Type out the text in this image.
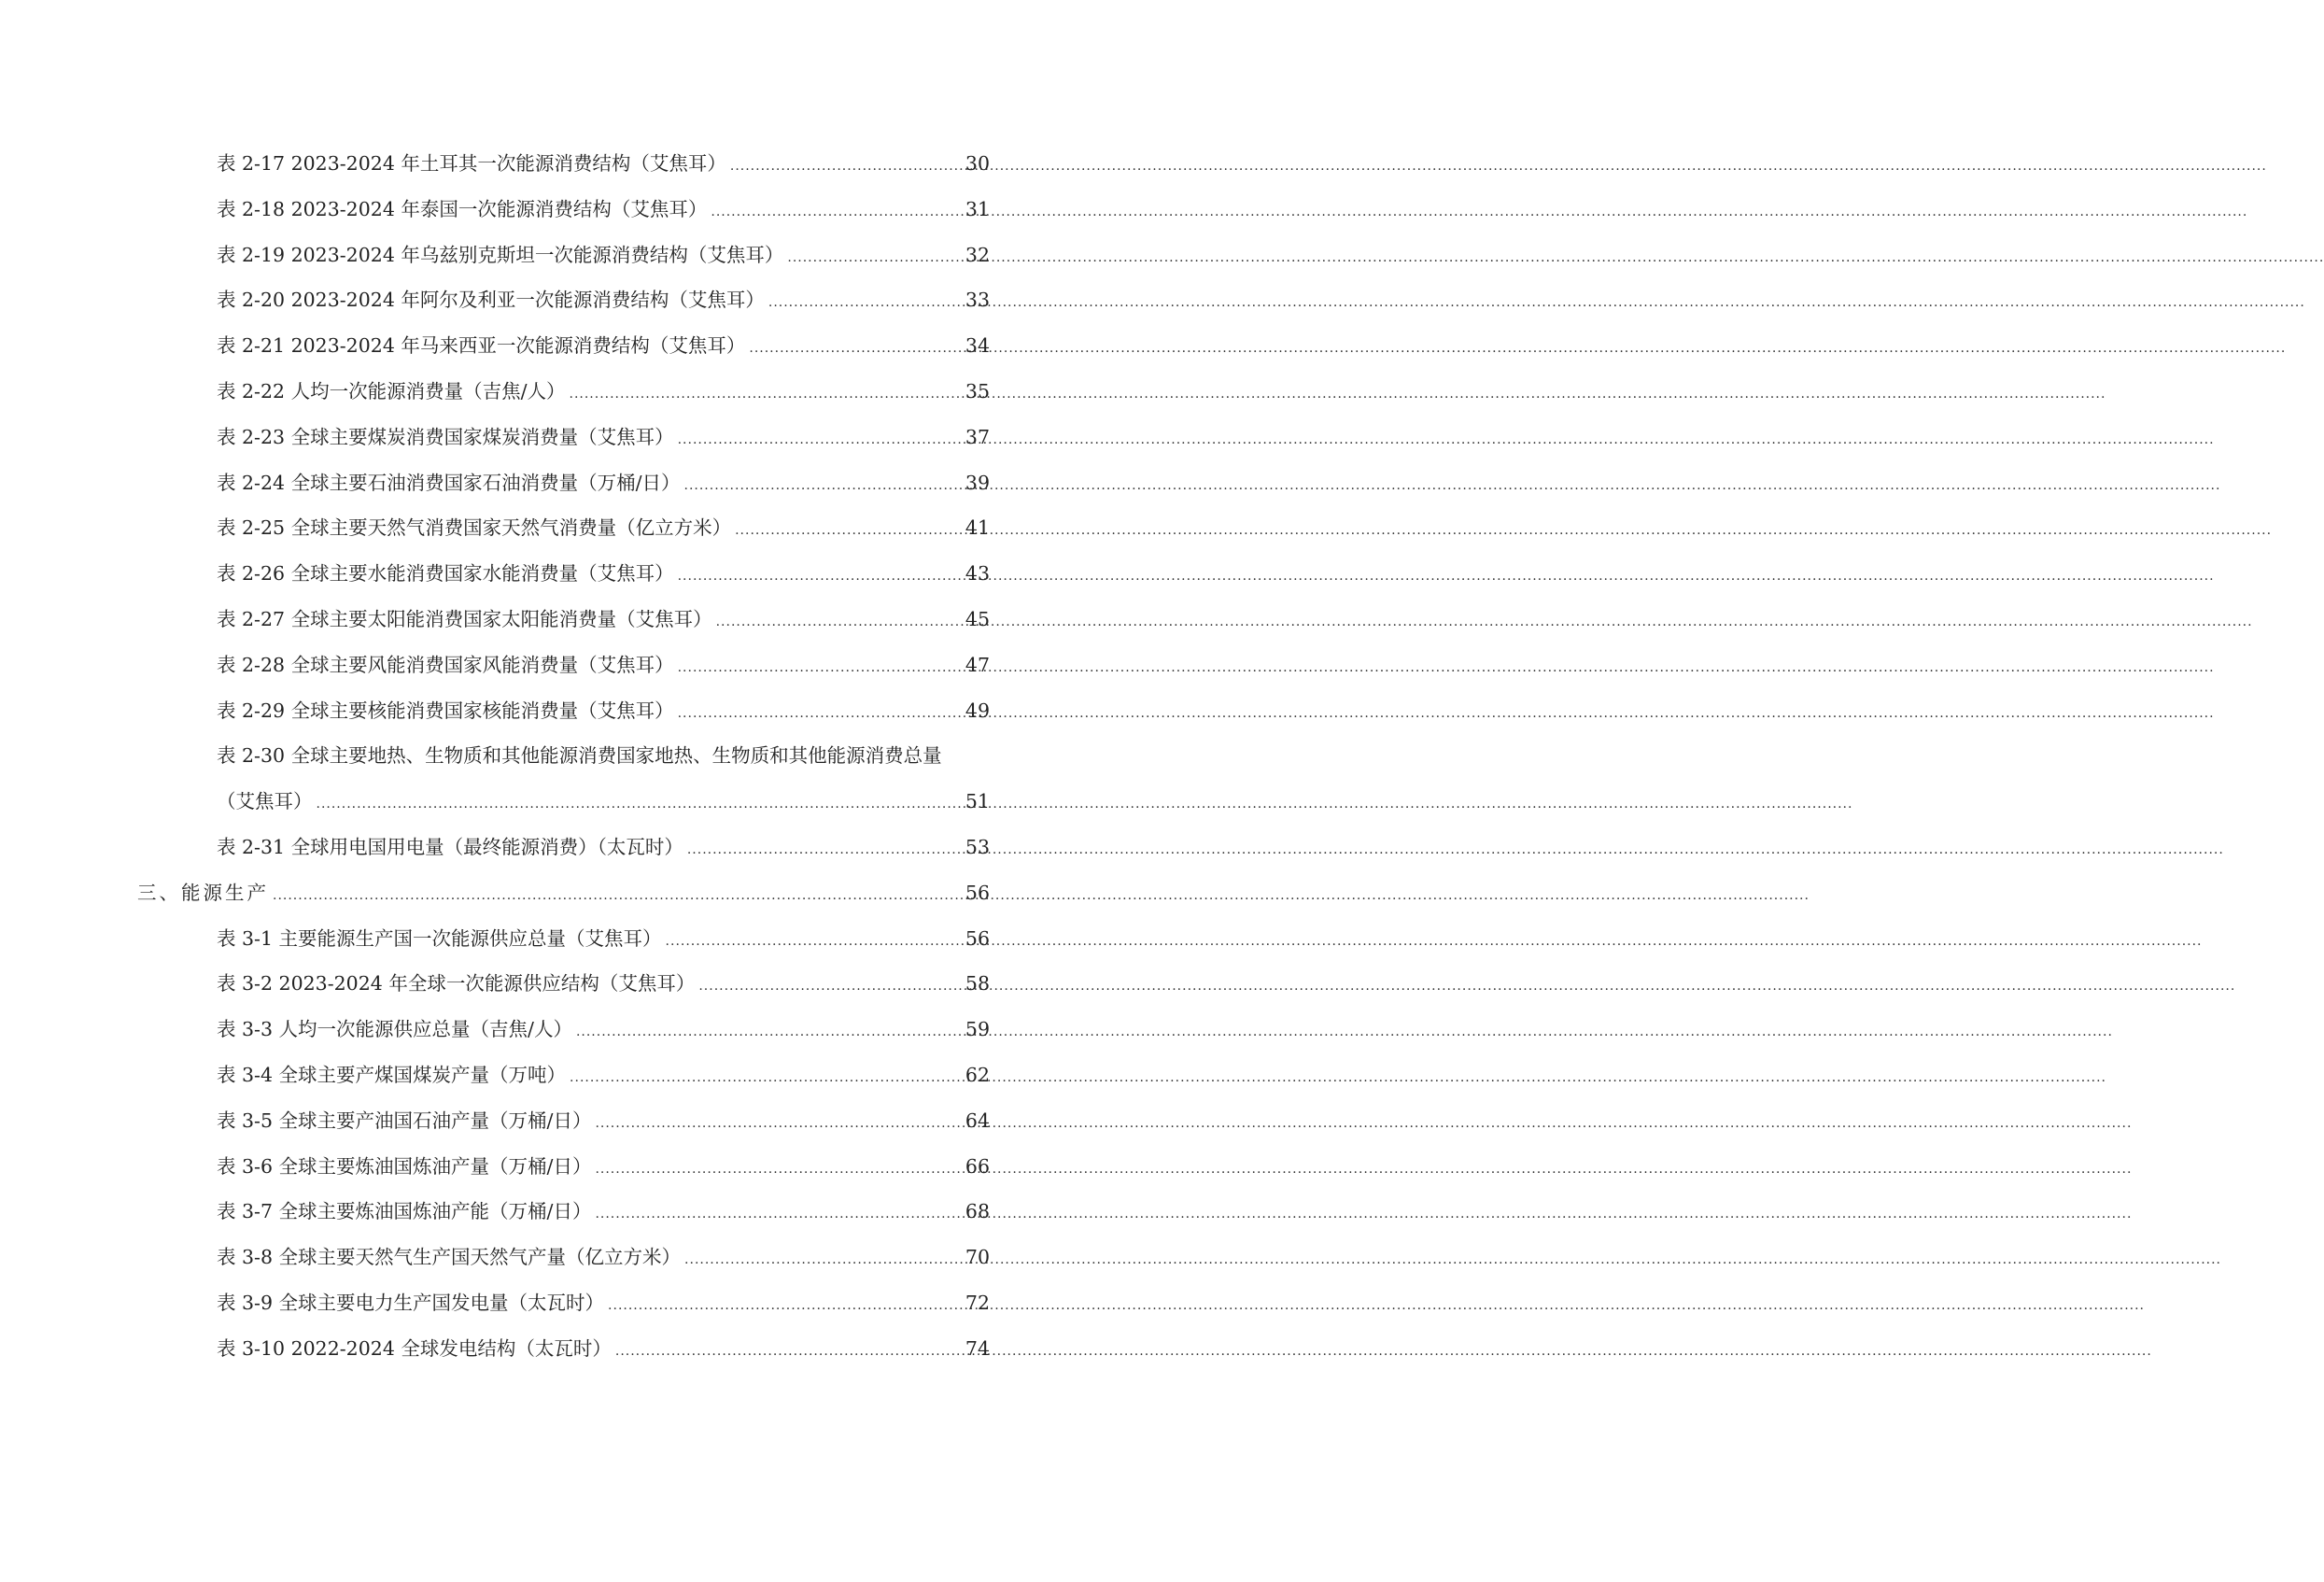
表 2-17 2023-2024 年土耳其一次能源消费结构（艾焦耳） .....	30
表 2-18 2023-2024 年泰国一次能源消费结构（艾焦耳） .....	31
表 2-19 2023-2024 年乌兹别克斯坦一次能源消费结构（艾焦耳） .....	32
表 2-20 2023-2024 年阿尔及利亚一次能源消费结构（艾焦耳） .....	33
表 2-21 2023-2024 年马来西亚一次能源消费结构（艾焦耳） .....	34
表 2-22 人均一次能源消费量（吉焦/人） .....	35
表 2-23 全球主要煤炭消费国家煤炭消费量（艾焦耳） .....	37
表 2-24 全球主要石油消费国家石油消费量（万桶/日） .....	39
表 2-25 全球主要天然气消费国家天然气消费量（亿立方米） .....	41
表 2-26 全球主要水能消费国家水能消费量（艾焦耳） .....	43
表 2-27 全球主要太阳能消费国家太阳能消费量（艾焦耳） .....	45
表 2-28 全球主要风能消费国家风能消费量（艾焦耳） .....	47
表 2-29 全球主要核能消费国家核能消费量（艾焦耳） .....	49
表 2-30 全球主要地热、生物质和其他能源消费国家地热、生物质和其他能源消费总量
（艾焦耳） .....	51
表 2-31 全球用电国用电量（最终能源消费）（太瓦时） .....	53
三、能源生产 .....	56
表 3-1 主要能源生产国一次能源供应总量（艾焦耳） .....	56
表 3-2 2023-2024 年全球一次能源供应结构（艾焦耳） .....	58
表 3-3 人均一次能源供应总量（吉焦/人） .....	59
表 3-4 全球主要产煤国煤炭产量（万吨） .....	62
表 3-5 全球主要产油国石油产量（万桶/日） .....	64
表 3-6 全球主要炼油国炼油产量（万桶/日） .....	66
表 3-7 全球主要炼油国炼油产能（万桶/日） .....	68
表 3-8 全球主要天然气生产国天然气产量（亿立方米） .....	70
表 3-9 全球主要电力生产国发电量（太瓦时） .....	72
表 3-10 2022-2024 全球发电结构（太瓦时） .....	74
